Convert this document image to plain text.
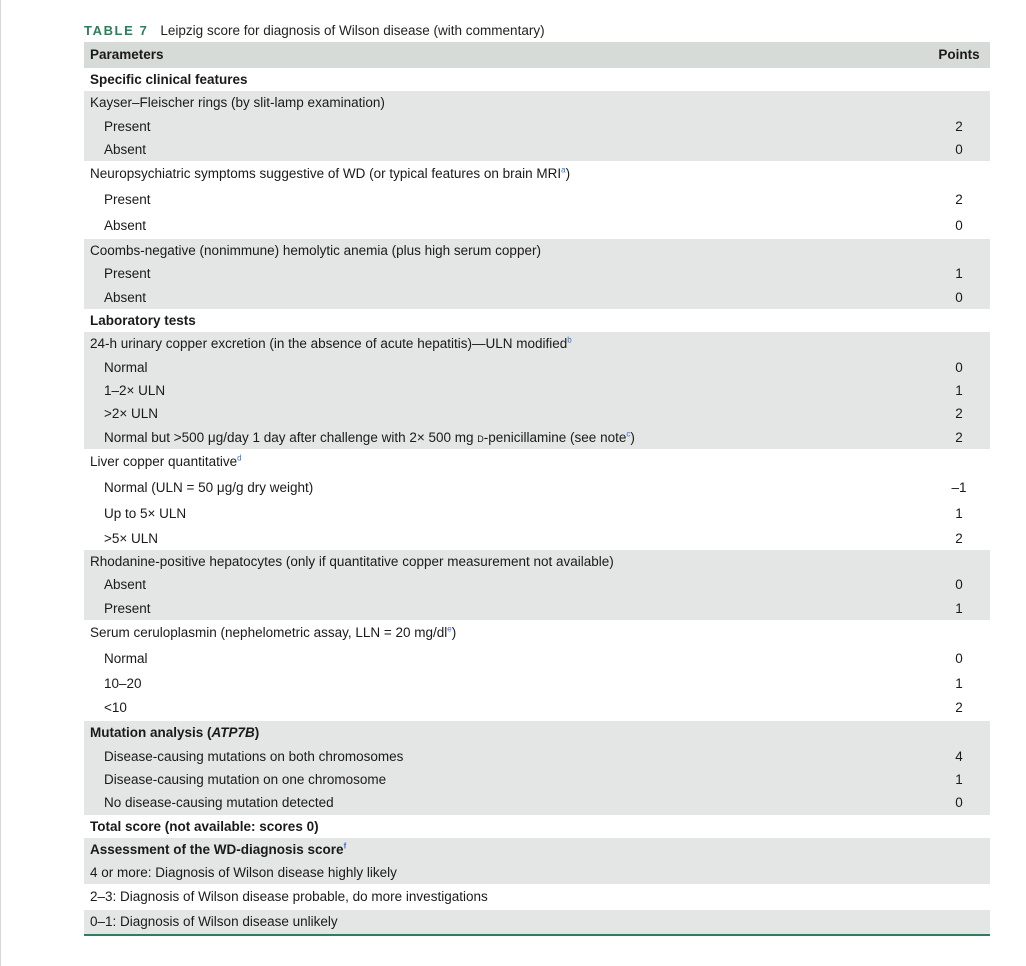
TABLE 7 Leipzig score for diagnosis of Wilson disease (with commentary)
Parameters	Points
Specific clinical features	
Kayser–Fleischer rings (by slit-lamp examination)	
Present	2
Absent	0
Neuropsychiatric symptoms suggestive of WD (or typical features on brain MRI$^a$)	
Present	2
Absent	0
Coombs-negative (nonimmune) hemolytic anemia (plus high serum copper)	
Present	1
Absent	0
Laboratory tests	
24-h urinary copper excretion (in the absence of acute hepatitis)—ULN modified$^b$	
Normal	0
1–2× ULN	1
>2× ULN	2
Normal but >500 μg/day 1 day after challenge with 2× 500 mg d-penicillamine (see note$^c$)	2
Liver copper quantitative$^d$	
Normal (ULN = 50 μg/g dry weight)	–1
Up to 5× ULN	1
>5× ULN	2
Rhodanine-positive hepatocytes (only if quantitative copper measurement not available)	
Absent	0
Present	1
Serum ceruloplasmin (nephelometric assay, LLN = 20 $mg/dl^e$)	
Normal	0
10–20	1
<10	2
Mutation analysis (ATP7B)	
Disease-causing mutations on both chromosomes	4
Disease-causing mutation on one chromosome	1
No disease-causing mutation detected	0
Total score (not available: scores 0)	
Assessment of the WD-diagnosis score$^f$	
4 or more: Diagnosis of Wilson disease highly likely	
2–3: Diagnosis of Wilson disease probable, do more investigations	
0–1: Diagnosis of Wilson disease unlikely	
